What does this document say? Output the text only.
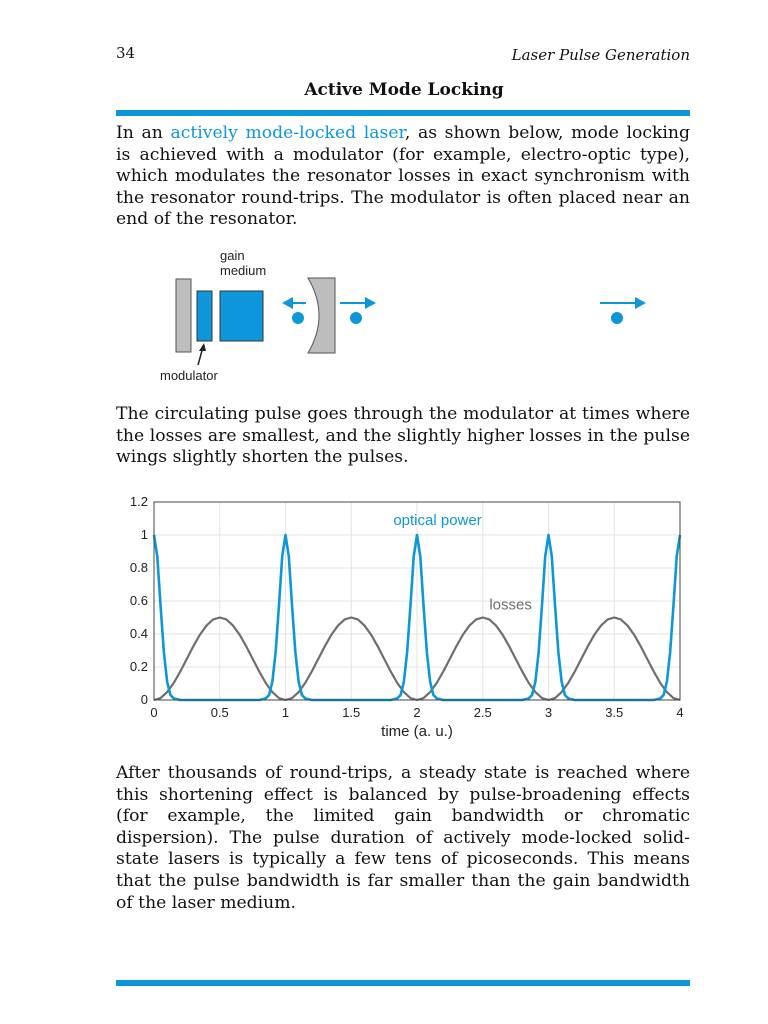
34	Laser Pulse Generation
Active Mode Locking

In an actively mode-locked laser, as shown below, mode locking is achieved with a modulator (for example, electro-optic type), which modulates the resonator losses in exact synchronism with the resonator round-trips. The modulator is often placed near an end of the resonator.

gain
medium
modulator

The circulating pulse goes through the modulator at times where the losses are smallest, and the slightly higher losses in the pulse wings slightly shorten the pulses.

0	0.5	1	1.5	2	2.5	3	3.5	4
0
0.2
0.4
0.6
0.8
1
1.2
optical power
losses
time (a. u.)

After thousands of round-trips, a steady state is reached where this shortening effect is balanced by pulse-broadening effects (for example, the limited gain bandwidth or chromatic dispersion). The pulse duration of actively mode-locked solid-state lasers is typically a few tens of picoseconds. This means that the pulse bandwidth is far smaller than the gain bandwidth of the laser medium.
